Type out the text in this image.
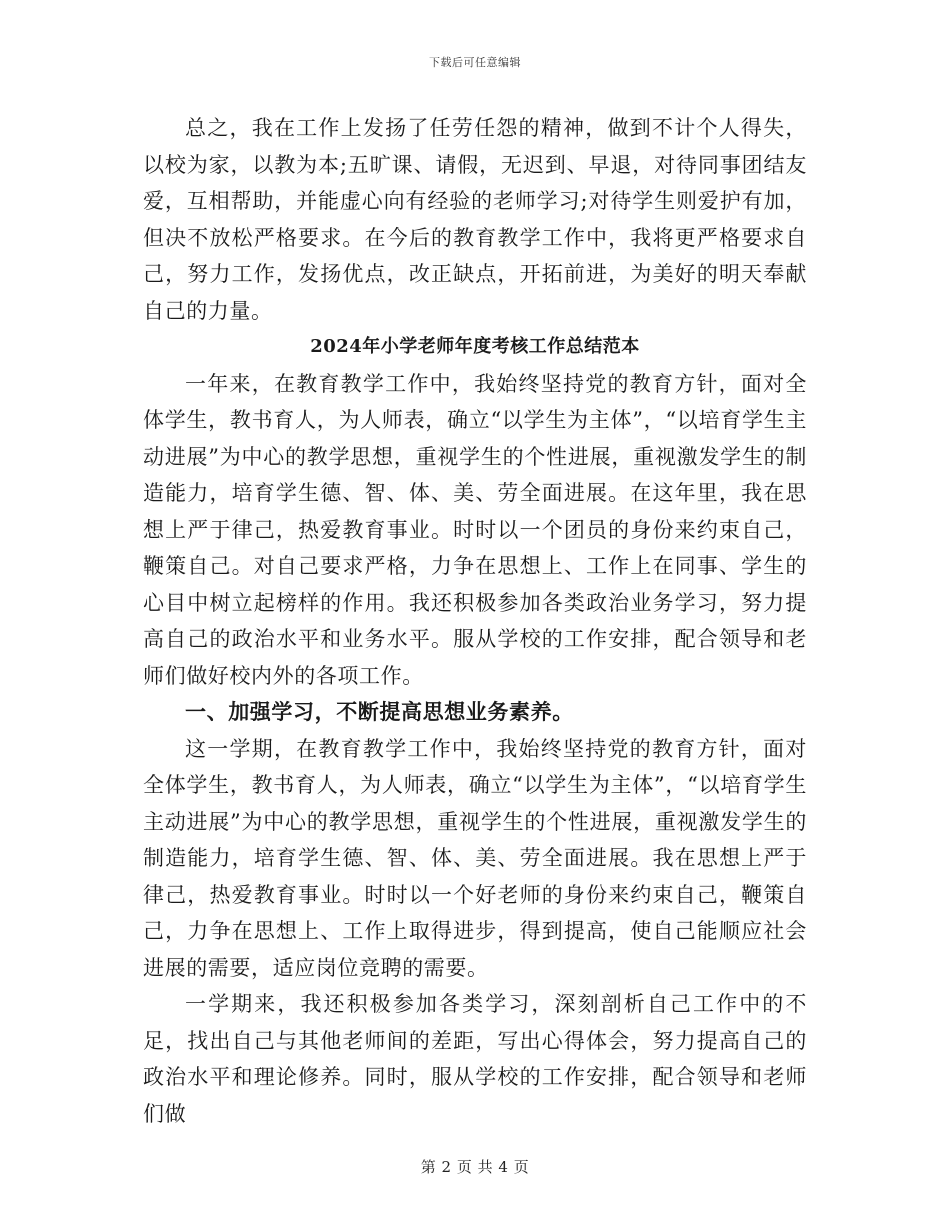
下载后可任意编辑

总之，我在工作上发扬了任劳任怨的精神，做到不计个人得失，以校为家，以教为本;五旷课、请假，无迟到、早退，对待同事团结友爱，互相帮助，并能虚心向有经验的老师学习;对待学生则爱护有加，但决不放松严格要求。在今后的教育教学工作中，我将更严格要求自己，努力工作，发扬优点，改正缺点，开拓前进，为美好的明天奉献自己的力量。

2024年小学老师年度考核工作总结范本

一年来，在教育教学工作中，我始终坚持党的教育方针，面对全体学生，教书育人，为人师表，确立“以学生为主体”，“以培育学生主动进展”为中心的教学思想，重视学生的个性进展，重视激发学生的制造能力，培育学生德、智、体、美、劳全面进展。在这年里，我在思想上严于律己，热爱教育事业。时时以一个团员的身份来约束自己，鞭策自己。对自己要求严格，力争在思想上、工作上在同事、学生的心目中树立起榜样的作用。我还积极参加各类政治业务学习，努力提高自己的政治水平和业务水平。服从学校的工作安排，配合领导和老师们做好校内外的各项工作。

一、加强学习，不断提高思想业务素养。

这一学期，在教育教学工作中，我始终坚持党的教育方针，面对全体学生，教书育人，为人师表，确立“以学生为主体”，“以培育学生主动进展”为中心的教学思想，重视学生的个性进展，重视激发学生的制造能力，培育学生德、智、体、美、劳全面进展。我在思想上严于律己，热爱教育事业。时时以一个好老师的身份来约束自己，鞭策自己，力争在思想上、工作上取得进步，得到提高，使自己能顺应社会进展的需要，适应岗位竞聘的需要。

一学期来，我还积极参加各类学习，深刻剖析自己工作中的不足，找出自己与其他老师间的差距，写出心得体会，努力提高自己的政治水平和理论修养。同时，服从学校的工作安排，配合领导和老师们做

第 2 页 共 4 页
